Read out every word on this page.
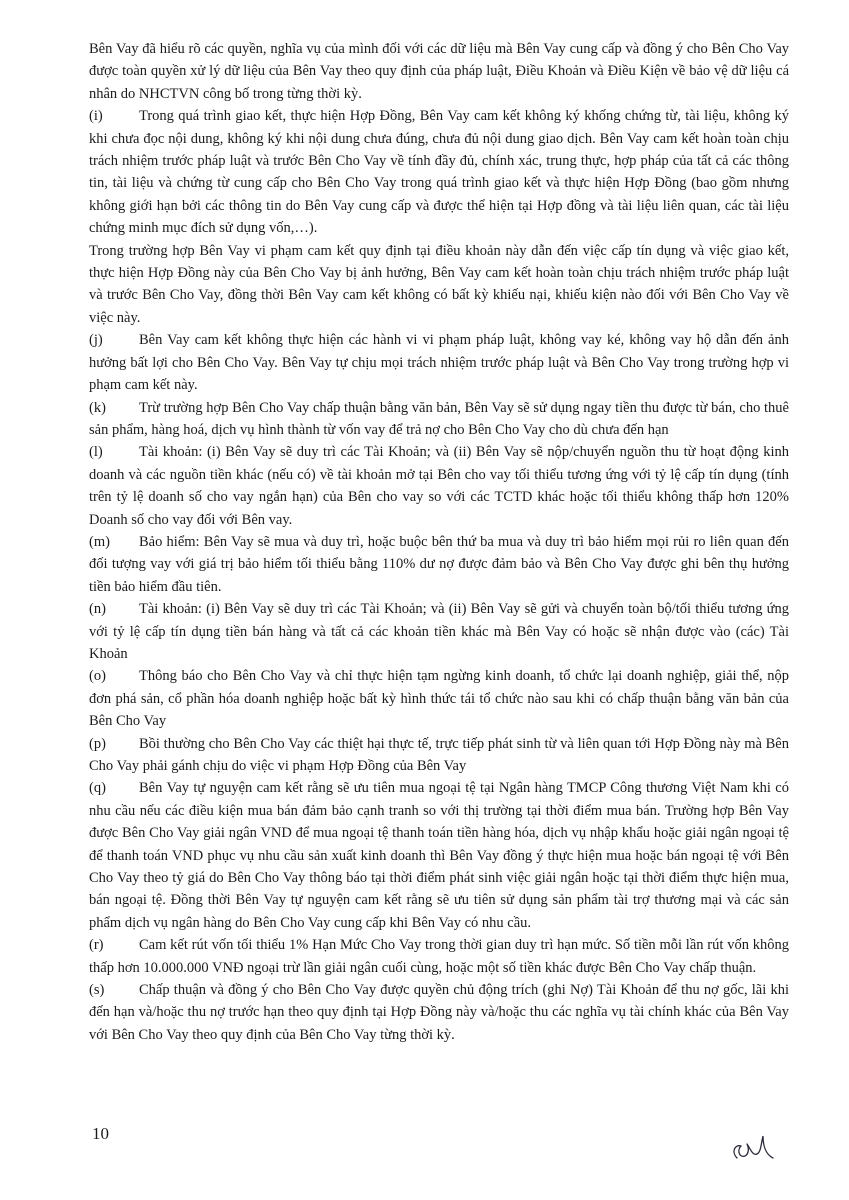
Bên Vay đã hiểu rõ các quyền, nghĩa vụ của mình đối với các dữ liệu mà Bên Vay cung cấp và đồng ý cho Bên Cho Vay được toàn quyền xử lý dữ liệu của Bên Vay theo quy định của pháp luật, Điều Khoản và Điều Kiện về bảo vệ dữ liệu cá nhân do NHCTVN công bố trong từng thời kỳ.

(i)	Trong quá trình giao kết, thực hiện Hợp Đồng, Bên Vay cam kết không ký khống chứng từ, tài liệu, không ký khi chưa đọc nội dung, không ký khi nội dung chưa đúng, chưa đủ nội dung giao dịch. Bên Vay cam kết hoàn toàn chịu trách nhiệm trước pháp luật và trước Bên Cho Vay về tính đầy đủ, chính xác, trung thực, hợp pháp của tất cả các thông tin, tài liệu và chứng từ cung cấp cho Bên Cho Vay trong quá trình giao kết và thực hiện Hợp Đồng (bao gồm nhưng không giới hạn bởi các thông tin do Bên Vay cung cấp và được thể hiện tại Hợp đồng và tài liệu liên quan, các tài liệu chứng minh mục đích sử dụng vốn,…).

Trong trường hợp Bên Vay vi phạm cam kết quy định tại điều khoản này dẫn đến việc cấp tín dụng và việc giao kết, thực hiện Hợp Đồng này của Bên Cho Vay bị ảnh hưởng, Bên Vay cam kết hoàn toàn chịu trách nhiệm trước pháp luật và trước Bên Cho Vay, đồng thời Bên Vay cam kết không có bất kỳ khiếu nại, khiếu kiện nào đối với Bên Cho Vay về việc này.

(j)	Bên Vay cam kết không thực hiện các hành vi vi phạm pháp luật, không vay ké, không vay hộ dẫn đến ảnh hưởng bất lợi cho Bên Cho Vay. Bên Vay tự chịu mọi trách nhiệm trước pháp luật và Bên Cho Vay trong trường hợp vi phạm cam kết này.

(k) Trừ trường hợp Bên Cho Vay chấp thuận bằng văn bản, Bên Vay sẽ sử dụng ngay tiền thu được từ bán, cho thuê sản phẩm, hàng hoá, dịch vụ hình thành từ vốn vay để trả nợ cho Bên Cho Vay cho dù chưa đến hạn

(l)	Tài khoản: (i) Bên Vay sẽ duy trì các Tài Khoản; và (ii) Bên Vay sẽ nộp/chuyển nguồn thu từ hoạt động kinh doanh và các nguồn tiền khác (nếu có) về tài khoản mở tại Bên cho vay tối thiểu tương ứng với tỷ lệ cấp tín dụng (tính trên tỷ lệ doanh số cho vay ngắn hạn) của Bên cho vay so với các TCTD khác hoặc tối thiểu không thấp hơn 120% Doanh số cho vay đối với Bên vay.

(m) Bảo hiểm: Bên Vay sẽ mua và duy trì, hoặc buộc bên thứ ba mua và duy trì bảo hiểm mọi rủi ro liên quan đến đối tượng vay với giá trị bảo hiểm tối thiểu bằng 110% dư nợ được đảm bảo và Bên Cho Vay được ghi bên thụ hưởng tiền bảo hiểm đầu tiên.

(n) Tài khoản: (i) Bên Vay sẽ duy trì các Tài Khoản; và (ii) Bên Vay sẽ gửi và chuyển toàn bộ/tối thiểu tương ứng với tỷ lệ cấp tín dụng tiền bán hàng và tất cả các khoản tiền khác mà Bên Vay có hoặc sẽ nhận được vào (các) Tài Khoản

(o) Thông báo cho Bên Cho Vay và chỉ thực hiện tạm ngừng kinh doanh, tổ chức lại doanh nghiệp, giải thể, nộp đơn phá sản, cổ phần hóa doanh nghiệp hoặc bất kỳ hình thức tái tổ chức nào sau khi có chấp thuận bằng văn bản của Bên Cho Vay

(p) Bồi thường cho Bên Cho Vay các thiệt hại thực tế, trực tiếp phát sinh từ và liên quan tới Hợp Đồng này mà Bên Cho Vay phải gánh chịu do việc vi phạm Hợp Đồng của Bên Vay

(q) Bên Vay tự nguyện cam kết rằng sẽ ưu tiên mua ngoại tệ tại Ngân hàng TMCP Công thương Việt Nam khi có nhu cầu nếu các điều kiện mua bán đảm bảo cạnh tranh so với thị trường tại thời điểm mua bán. Trường hợp Bên Vay được Bên Cho Vay giải ngân VND để mua ngoại tệ thanh toán tiền hàng hóa, dịch vụ nhập khẩu hoặc giải ngân ngoại tệ để thanh toán VND phục vụ nhu cầu sản xuất kinh doanh thì Bên Vay đồng ý thực hiện mua hoặc bán ngoại tệ với Bên Cho Vay theo tỷ giá do Bên Cho Vay thông báo tại thời điểm phát sinh việc giải ngân hoặc tại thời điểm thực hiện mua, bán ngoại tệ. Đồng thời Bên Vay tự nguyện cam kết rằng sẽ ưu tiên sử dụng sản phẩm tài trợ thương mại và các sản phẩm dịch vụ ngân hàng do Bên Cho Vay cung cấp khi Bên Vay có nhu cầu.

(r) Cam kết rút vốn tối thiểu 1% Hạn Mức Cho Vay trong thời gian duy trì hạn mức. Số tiền mỗi lần rút vốn không thấp hơn 10.000.000 VNĐ ngoại trừ lần giải ngân cuối cùng, hoặc một số tiền khác được Bên Cho Vay chấp thuận.

(s) Chấp thuận và đồng ý cho Bên Cho Vay được quyền chủ động trích (ghi Nợ) Tài Khoản để thu nợ gốc, lãi khi đến hạn và/hoặc thu nợ trước hạn theo quy định tại Hợp Đồng này và/hoặc thu các nghĩa vụ tài chính khác của Bên Vay với Bên Cho Vay theo quy định của Bên Cho Vay từng thời kỳ.

10
